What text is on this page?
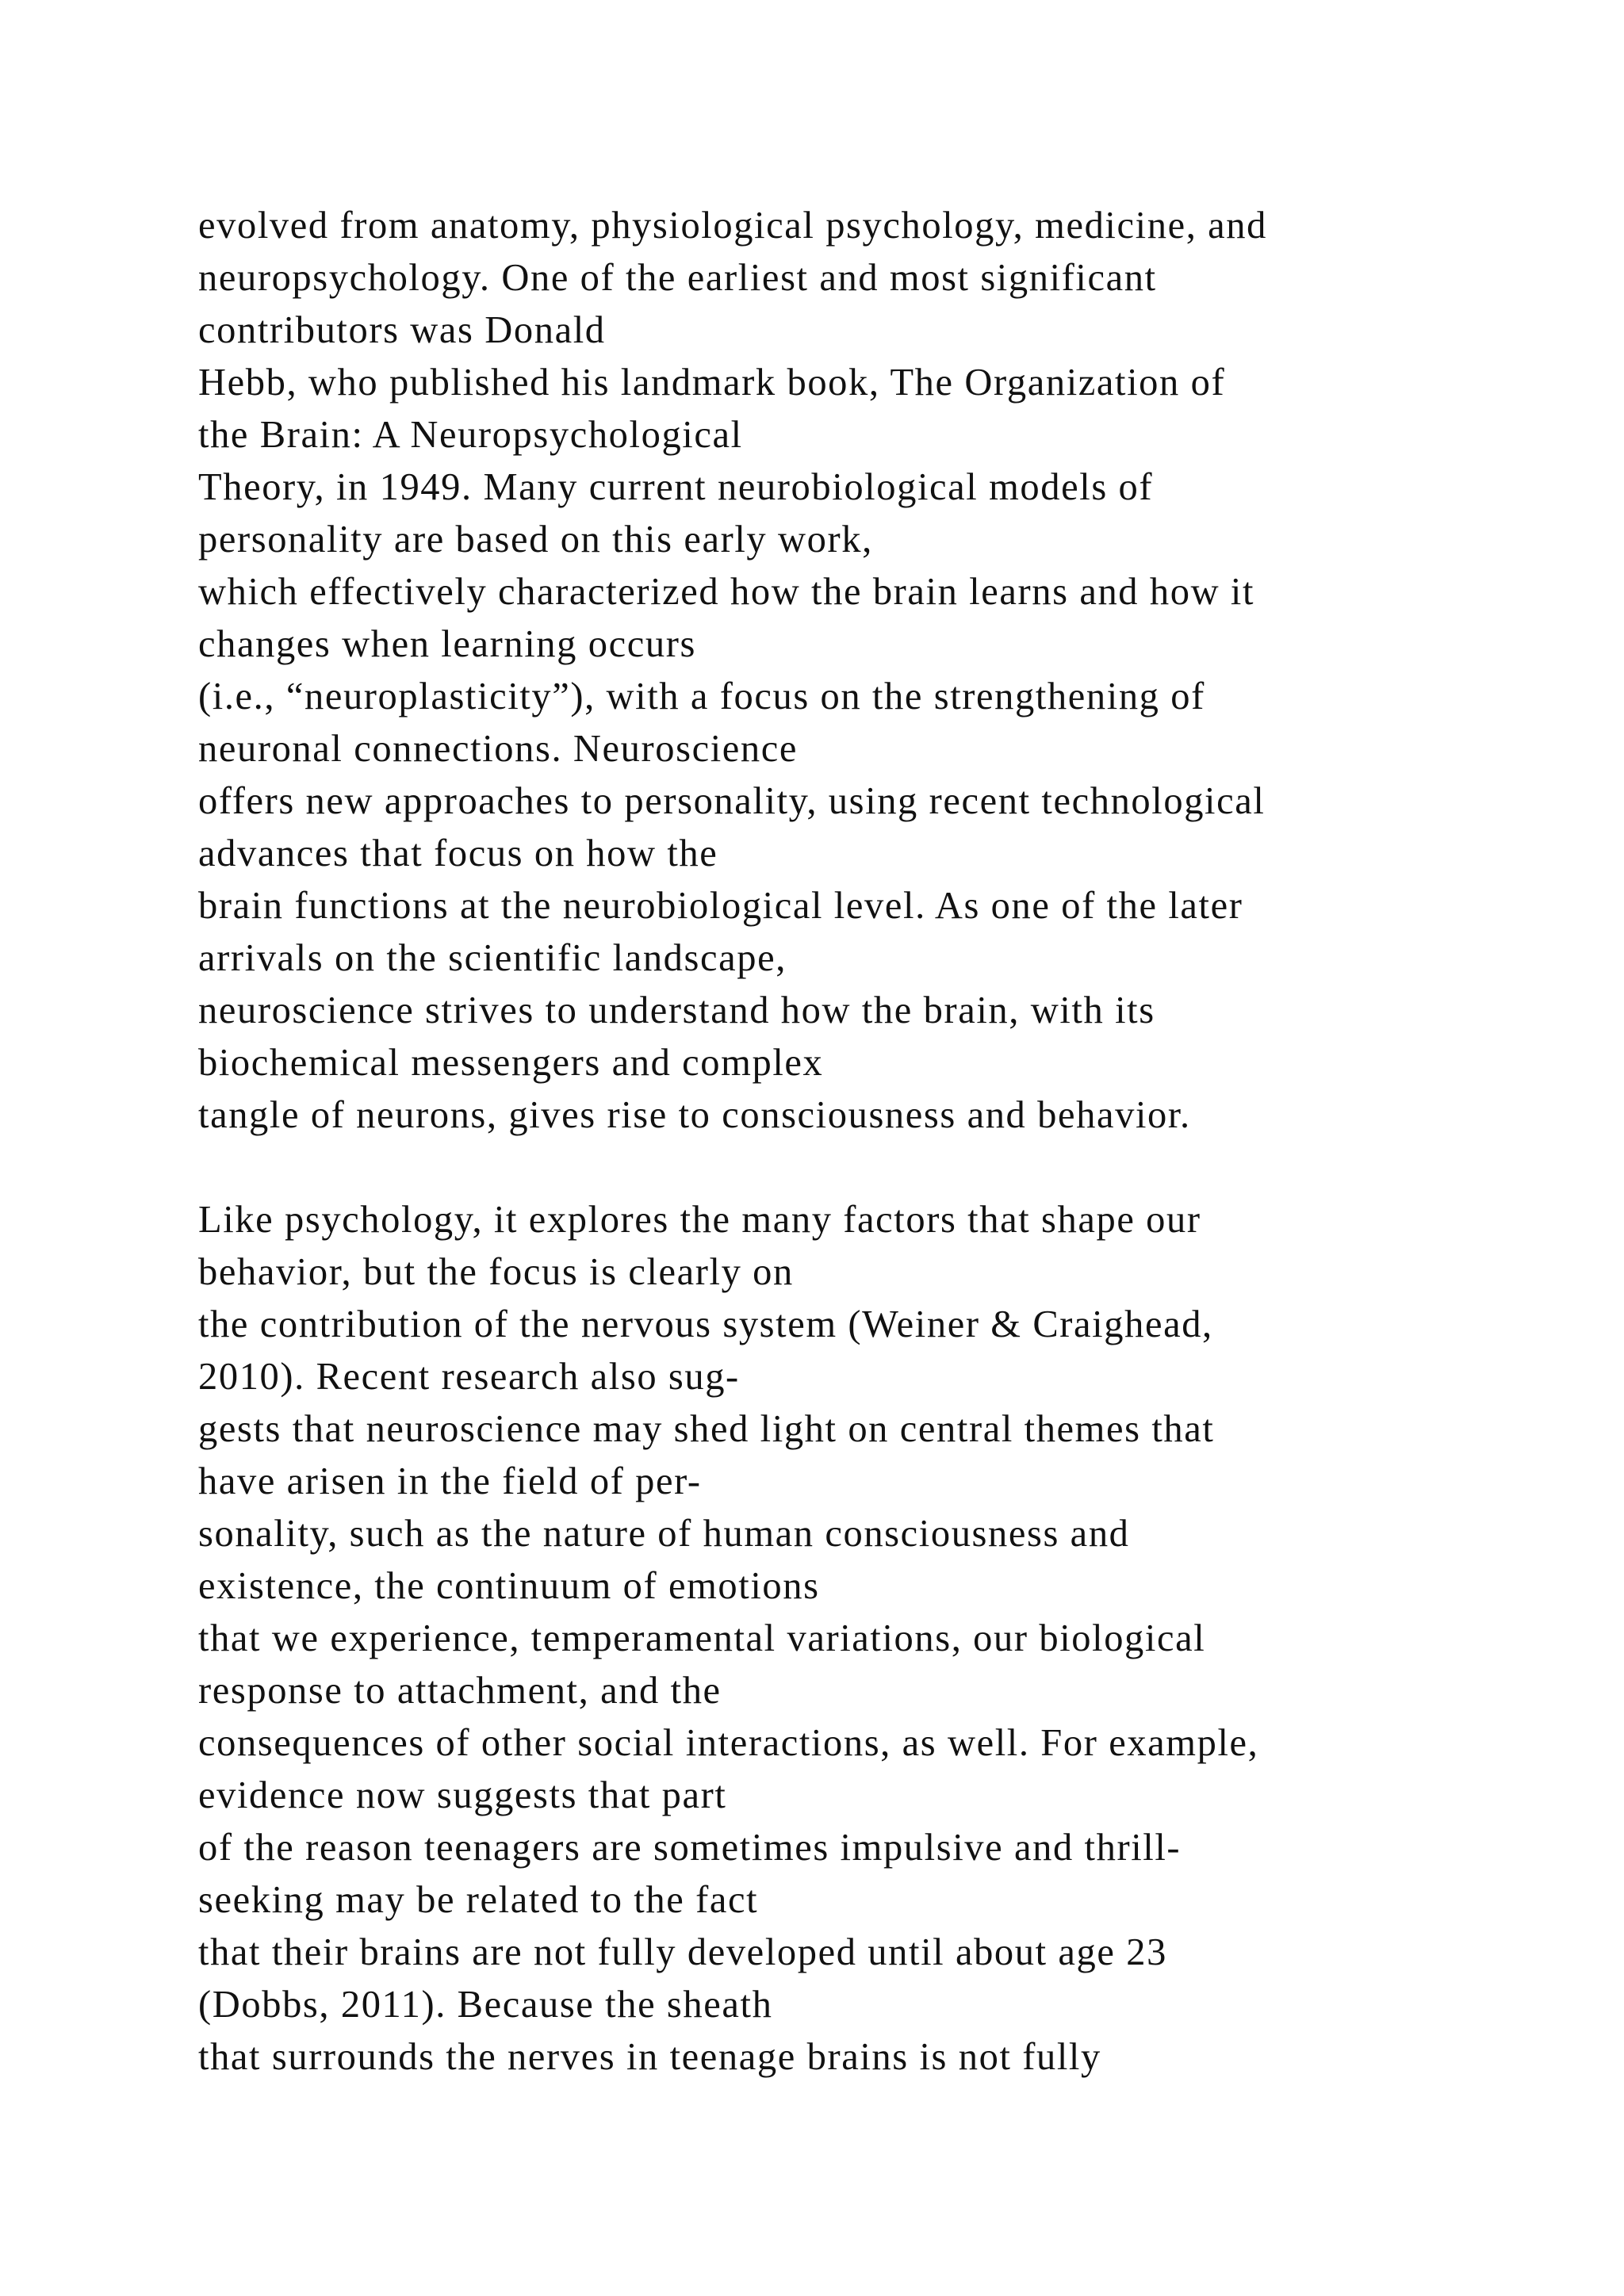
evolved from anatomy, physiological psychology, medicine, and
neuropsychology. One of the earliest and most significant
contributors was Donald
Hebb, who published his landmark book, The Organization of
the Brain: A Neuropsychological
Theory, in 1949. Many current neurobiological models of
personality are based on this early work,
which effectively characterized how the brain learns and how it
changes when learning occurs
(i.e., “neuroplasticity”), with a focus on the strengthening of
neuronal connections. Neuroscience
offers new approaches to personality, using recent technological
advances that focus on how the
brain functions at the neurobiological level. As one of the later
arrivals on the scientific landscape,
neuroscience strives to understand how the brain, with its
biochemical messengers and complex
tangle of neurons, gives rise to consciousness and behavior.
Like psychology, it explores the many factors that shape our
behavior, but the focus is clearly on
the contribution of the nervous system (Weiner & Craighead,
2010). Recent research also sug-
gests that neuroscience may shed light on central themes that
have arisen in the field of per-
sonality, such as the nature of human consciousness and
existence, the continuum of emotions
that we experience, temperamental variations, our biological
response to attachment, and the
consequences of other social interactions, as well. For example,
evidence now suggests that part
of the reason teenagers are sometimes impulsive and thrill-
seeking may be related to the fact
that their brains are not fully developed until about age 23
(Dobbs, 2011). Because the sheath
that surrounds the nerves in teenage brains is not fully
